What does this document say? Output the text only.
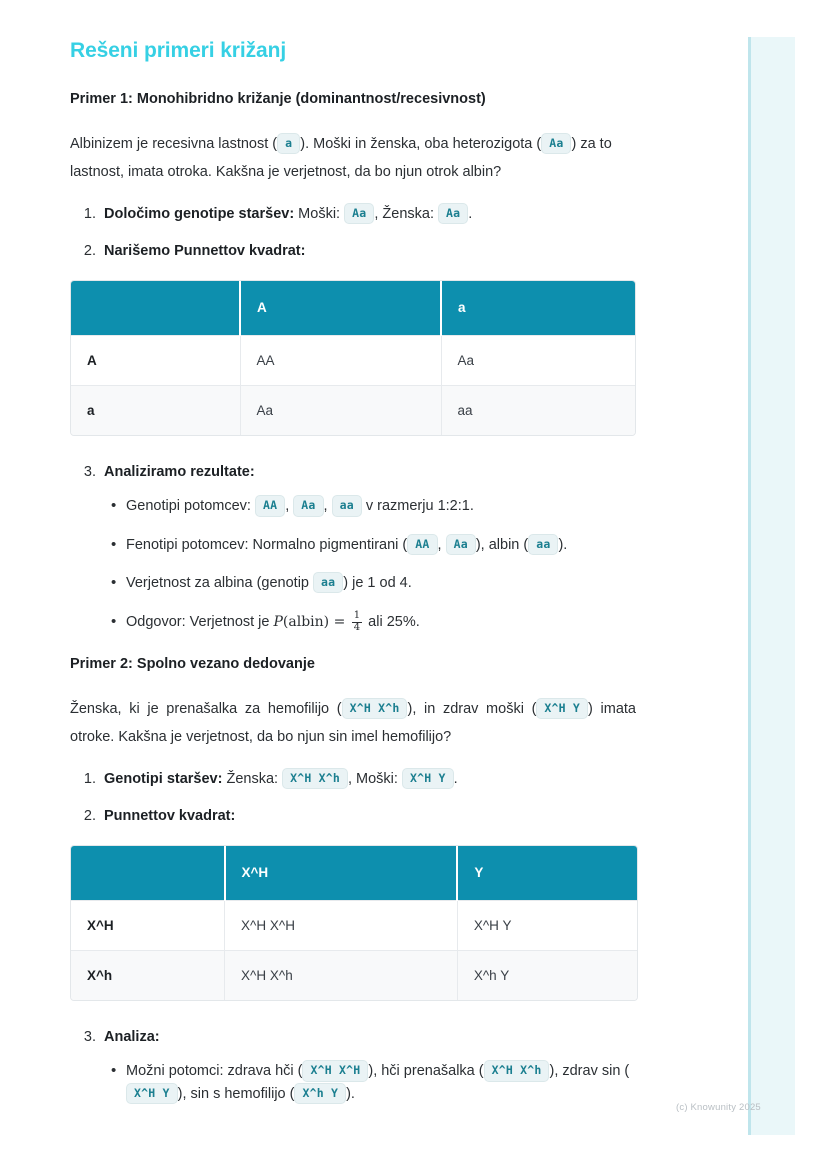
Rešeni primeri križanj
Primer 1: Monohibridno križanje (dominantnost/recesivnost)

Albinizem je recesivna lastnost ( a ). Moški in ženska, oba heterozigota ( Aa ) za to lastnost, imata otroka. Kakšna je verjetnost, da bo njun otrok albin?

1. Določimo genotipe staršev: Moški: Aa , Ženska: Aa .
2. Narišemo Punnettov kvadrat:
	A	a
A	AA	Aa
a	Aa	aa
3. Analiziramo rezultate:
• Genotipi potomcev: AA , Aa , aa v razmerju 1:2:1.
• Fenotipi potomcev: Normalno pigmentirani ( AA , Aa ), albin ( aa ).
• Verjetnost za albina (genotip aa ) je 1 od 4.
• Odgovor: Verjetnost je P(albin) = $\frac{1}{4}$ ali 25%.
Primer 2: Spolno vezano dedovanje

Ženska, ki je prenašalka za hemofilijo ( X^H X^h ), in zdrav moški ( X^H Y ) imata otroke. Kakšna je verjetnost, da bo njun sin imel hemofilijo?

1. Genotipi staršev: Ženska: X^H X^h , Moški: X^H Y .
2. Punnettov kvadrat:
	X^H	Y
X^H	X^H X^H	X^H Y
X^h	X^H X^h	X^h Y
3. Analiza:
• Možni potomci: zdrava hči ( X^H X^H ), hči prenašalka ( X^H X^h ), zdrav sin (X^H Y ), sin s hemofilijo ( X^h Y ).
(c) Knowunity 2025
